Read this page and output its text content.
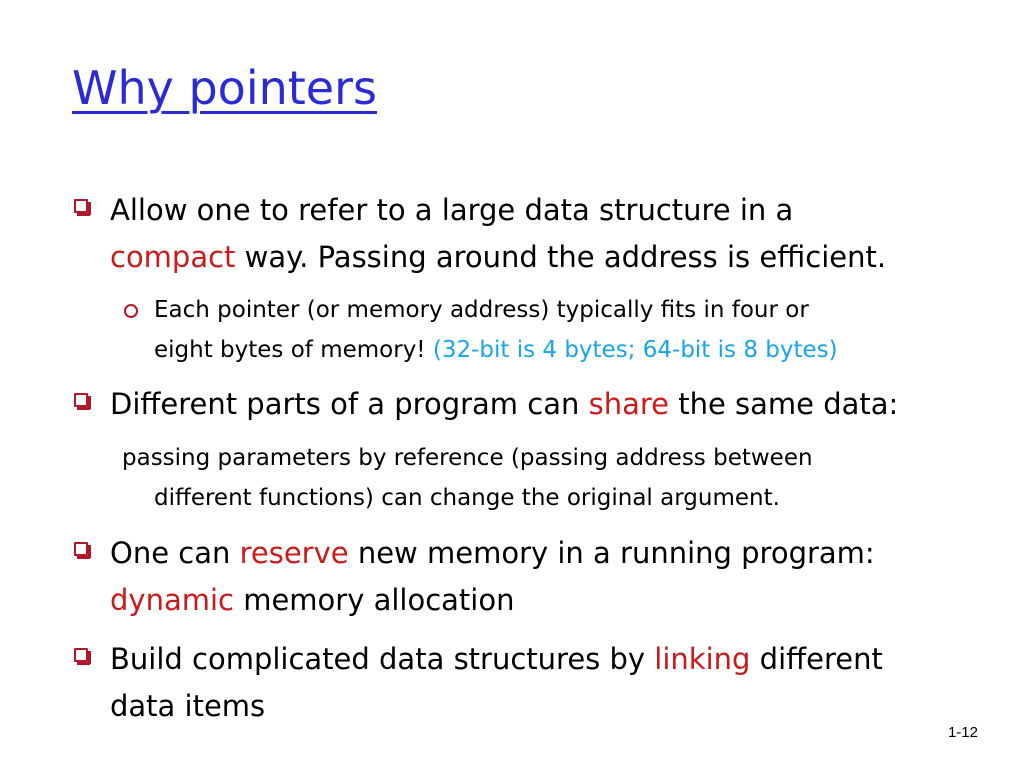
Why pointers
Allow one to refer to a large data structure in a
compact way. Passing around the address is efficient.
Each pointer (or memory address) typically fits in four or
eight bytes of memory! (32-bit is 4 bytes; 64-bit is 8 bytes)
Different parts of a program can share the same data:
passing parameters by reference (passing address between
different functions) can change the original argument.
One can reserve new memory in a running program:
dynamic memory allocation
Build complicated data structures by linking different
data items
1-12
